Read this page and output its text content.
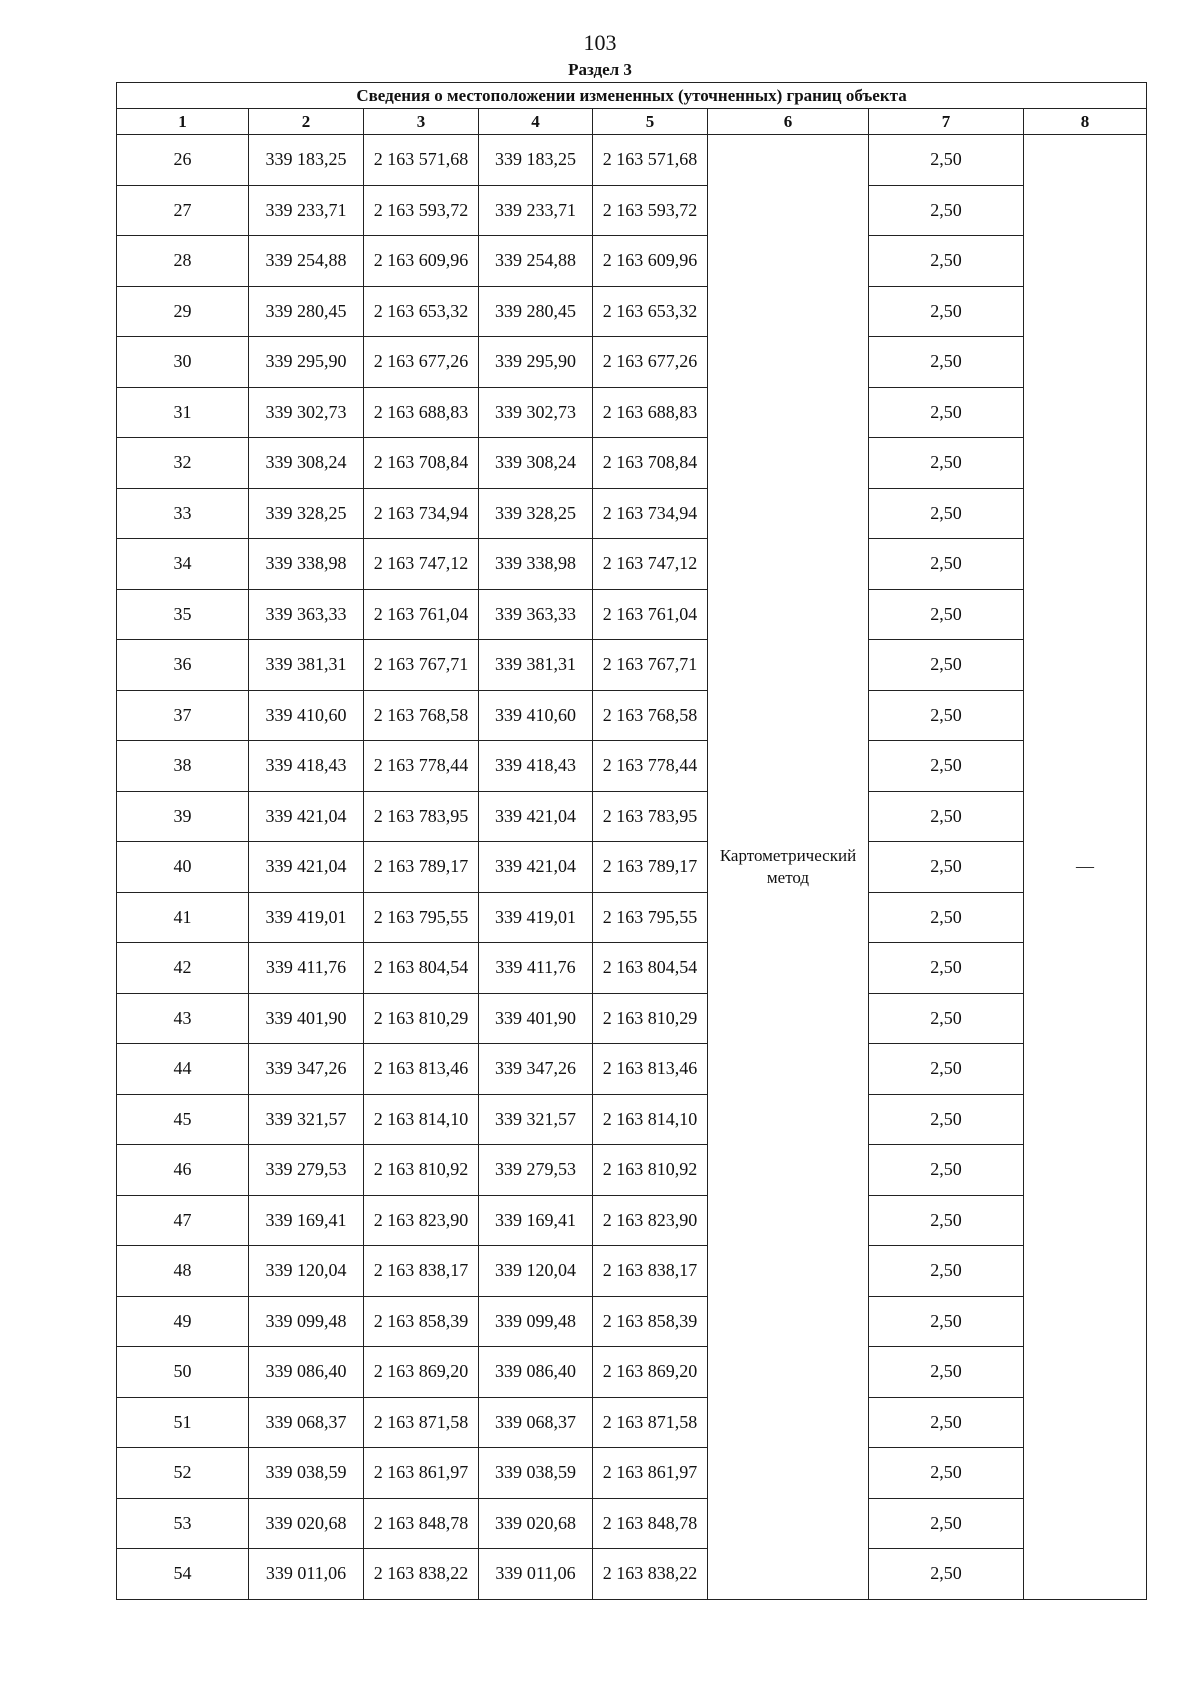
103
Раздел 3
Сведения о местоположении измененных (уточненных) границ объекта							
1	2	3	4	5	6	7	8
26	339 183,25	2 163 571,68	339 183,25	2 163 571,68	Картометрический метод	2,50	—
27	339 233,71	2 163 593,72	339 233,71	2 163 593,72		2,50	
28	339 254,88	2 163 609,96	339 254,88	2 163 609,96		2,50	
29	339 280,45	2 163 653,32	339 280,45	2 163 653,32		2,50	
30	339 295,90	2 163 677,26	339 295,90	2 163 677,26		2,50	
31	339 302,73	2 163 688,83	339 302,73	2 163 688,83		2,50	
32	339 308,24	2 163 708,84	339 308,24	2 163 708,84		2,50	
33	339 328,25	2 163 734,94	339 328,25	2 163 734,94		2,50	
34	339 338,98	2 163 747,12	339 338,98	2 163 747,12		2,50	
35	339 363,33	2 163 761,04	339 363,33	2 163 761,04		2,50	
36	339 381,31	2 163 767,71	339 381,31	2 163 767,71		2,50	
37	339 410,60	2 163 768,58	339 410,60	2 163 768,58		2,50	
38	339 418,43	2 163 778,44	339 418,43	2 163 778,44		2,50	
39	339 421,04	2 163 783,95	339 421,04	2 163 783,95		2,50	
40	339 421,04	2 163 789,17	339 421,04	2 163 789,17		2,50	
41	339 419,01	2 163 795,55	339 419,01	2 163 795,55		2,50	
42	339 411,76	2 163 804,54	339 411,76	2 163 804,54		2,50	
43	339 401,90	2 163 810,29	339 401,90	2 163 810,29		2,50	
44	339 347,26	2 163 813,46	339 347,26	2 163 813,46		2,50	
45	339 321,57	2 163 814,10	339 321,57	2 163 814,10		2,50	
46	339 279,53	2 163 810,92	339 279,53	2 163 810,92		2,50	
47	339 169,41	2 163 823,90	339 169,41	2 163 823,90		2,50	
48	339 120,04	2 163 838,17	339 120,04	2 163 838,17		2,50	
49	339 099,48	2 163 858,39	339 099,48	2 163 858,39		2,50	
50	339 086,40	2 163 869,20	339 086,40	2 163 869,20		2,50	
51	339 068,37	2 163 871,58	339 068,37	2 163 871,58		2,50	
52	339 038,59	2 163 861,97	339 038,59	2 163 861,97		2,50	
53	339 020,68	2 163 848,78	339 020,68	2 163 848,78		2,50	
54	339 011,06	2 163 838,22	339 011,06	2 163 838,22		2,50	
